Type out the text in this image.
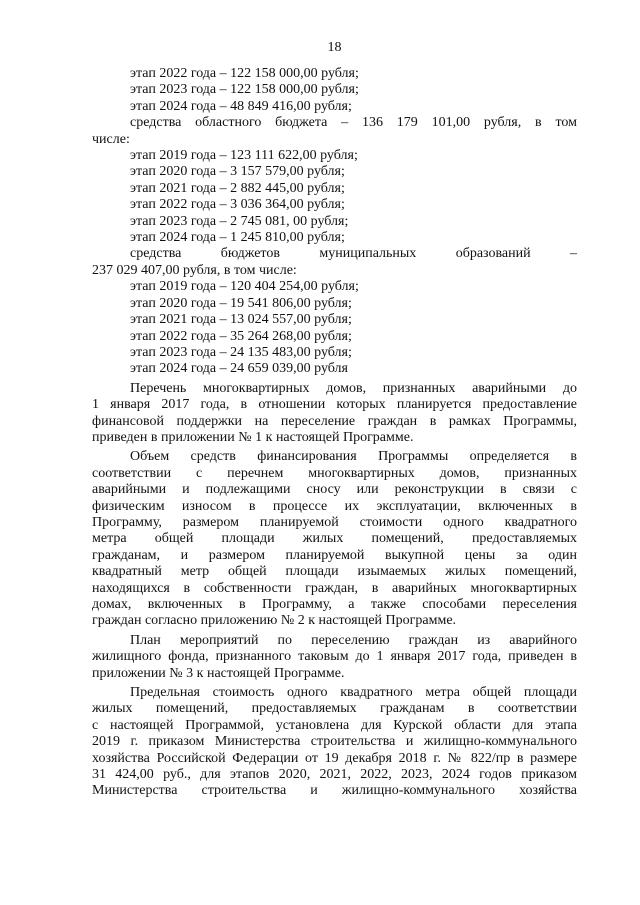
18
этап 2022 года – 122 158 000,00 рубля;
этап 2023 года – 122 158 000,00 рубля;
этап 2024 года – 48 849 416,00 рубля;
средства областного бюджета – 136 179 101,00 рубля, в том
числе:
этап 2019 года – 123 111 622,00 рубля;
этап 2020 года – 3 157 579,00 рубля;
этап 2021 года – 2 882 445,00 рубля;
этап 2022 года – 3 036 364,00 рубля;
этап 2023 года – 2 745 081, 00 рубля;
этап 2024 года – 1 245 810,00 рубля;
средства бюджетов муниципальных образований –
237 029 407,00 рубля, в том числе:
этап 2019 года – 120 404 254,00 рубля;
этап 2020 года – 19 541 806,00 рубля;
этап 2021 года – 13 024 557,00 рубля;
этап 2022 года – 35 264 268,00 рубля;
этап 2023 года – 24 135 483,00 рубля;
этап 2024 года – 24 659 039,00 рубля
Перечень многоквартирных домов, признанных аварийными до
1 января 2017 года, в отношении которых планируется предоставление
финансовой поддержки на переселение граждан в рамках Программы,
приведен в приложении № 1 к настоящей Программе.
Объем средств финансирования Программы определяется в
соответствии с перечнем многоквартирных домов, признанных
аварийными и подлежащими сносу или реконструкции в связи с
физическим износом в процессе их эксплуатации, включенных в
Программу, размером планируемой стоимости одного квадратного
метра общей площади жилых помещений, предоставляемых
гражданам, и размером планируемой выкупной цены за один
квадратный метр общей площади изымаемых жилых помещений,
находящихся в собственности граждан, в аварийных многоквартирных
домах, включенных в Программу, а также способами переселения
граждан согласно приложению № 2 к настоящей Программе.
План мероприятий по переселению граждан из аварийного
жилищного фонда, признанного таковым до 1 января 2017 года, приведен в
приложении № 3 к настоящей Программе.
Предельная стоимость одного квадратного метра общей площади
жилых помещений, предоставляемых гражданам в соответствии
с настоящей Программой, установлена для Курской области для этапа
2019 г. приказом Министерства строительства и жилищно-коммунального
хозяйства Российской Федерации от 19 декабря 2018 г. № 822/пр в размере
31 424,00 руб., для этапов 2020, 2021, 2022, 2023, 2024 годов приказом
Министерства строительства и жилищно-коммунального хозяйства
